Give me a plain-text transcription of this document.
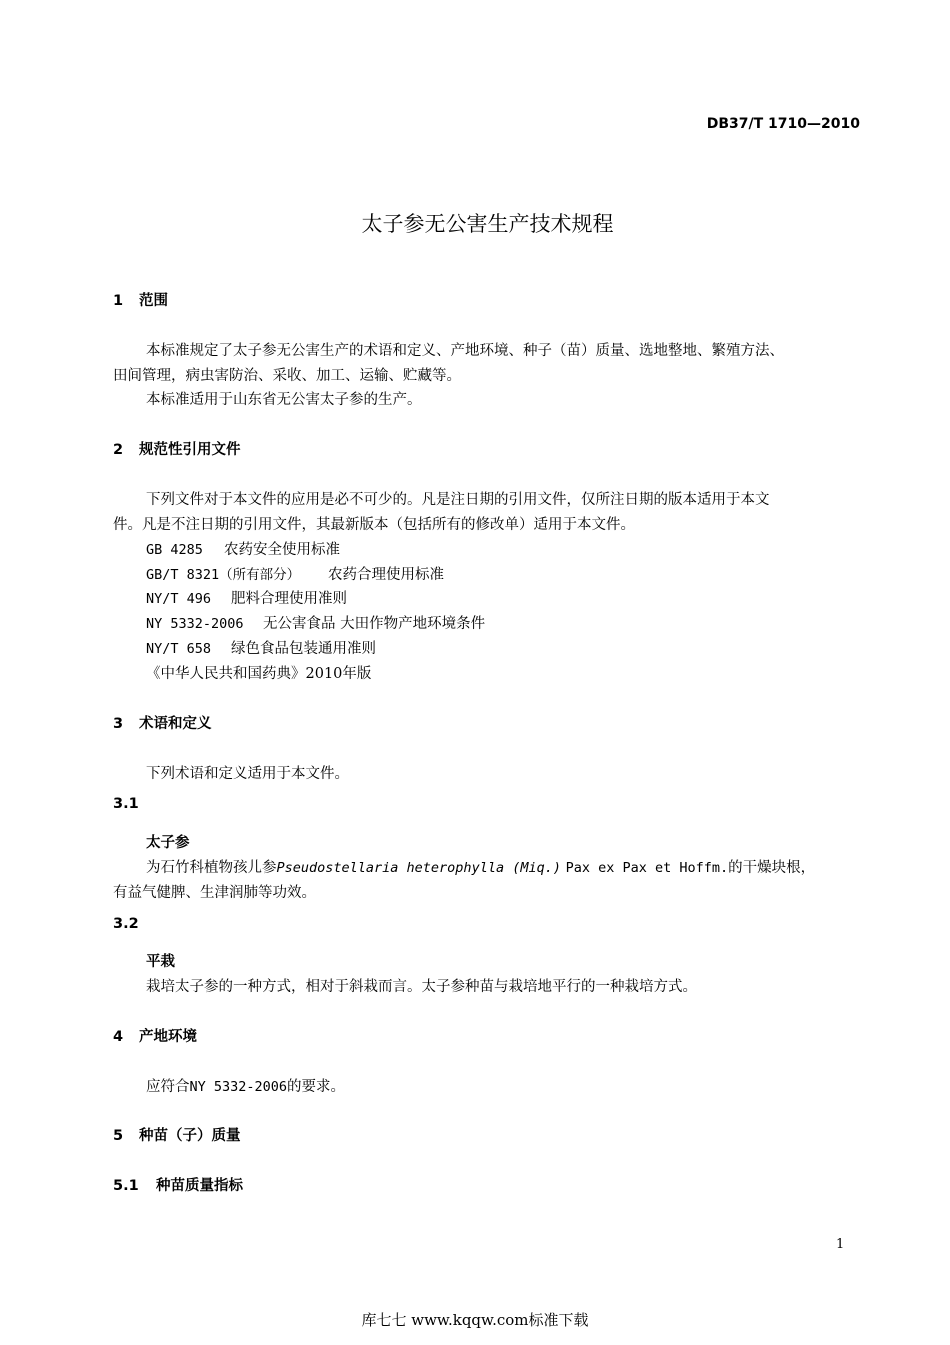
DB37/T 1710—2010
太子参无公害生产技术规程
1 范围
本标准规定了太子参无公害生产的术语和定义、产地环境、种子（苗）质量、选地整地、繁殖方法、
田间管理，病虫害防治、采收、加工、运输、贮藏等。
本标准适用于山东省无公害太子参的生产。
2 规范性引用文件
下列文件对于本文件的应用是必不可少的。凡是注日期的引用文件，仅所注日期的版本适用于本文
件。凡是不注日期的引用文件，其最新版本（包括所有的修改单）适用于本文件。
GB 4285 农药安全使用标准
GB/T 8321（所有部分） 农药合理使用标准
NY/T 496 肥料合理使用准则
NY 5332-2006 无公害食品 大田作物产地环境条件
NY/T 658 绿色食品包装通用准则
《中华人民共和国药典》2010年版
3 术语和定义
下列术语和定义适用于本文件。
3.1
太子参
为石竹科植物孩儿参Pseudostellaria heterophylla (Miq.) Pax ex Pax et Hoffm.的干燥块根，
有益气健脾、生津润肺等功效。
3.2
平栽
栽培太子参的一种方式，相对于斜栽而言。太子参种苗与栽培地平行的一种栽培方式。
4 产地环境
应符合NY 5332-2006的要求。
5 种苗（子）质量
5.1 种苗质量指标
1
库七七 www.kqqw.com标准下载
